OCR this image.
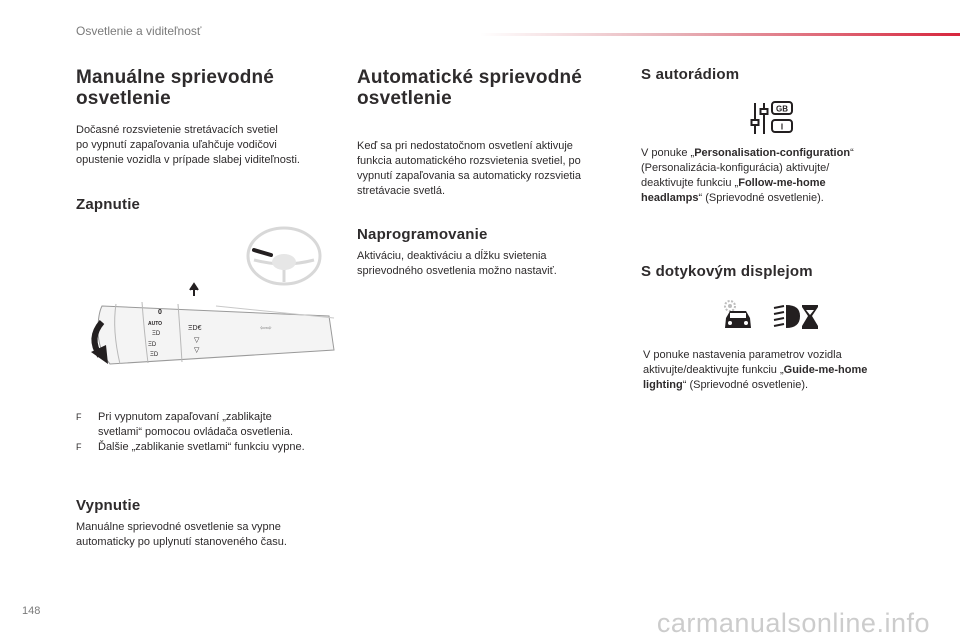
Osvetlenie a viditeľnosť
Manuálne sprievodné
osvetlenie
Dočasné rozsvietenie stretávacích svetiel
po vypnutí zapaľovania uľahčuje vodičovi
opustenie vozidla v prípade slabej viditeľnosti.
Zapnutie
0
AUTO
ΞD
ΞD€
ΞD
ΞD
▽
▽
⇦⇨
F	Pri vypnutom zapaľovaní „zablikajte
svetlami“ pomocou ovládača osvetlenia.
F	Ďalšie „zablikanie svetlami“ funkciu vypne.
Vypnutie
Manuálne sprievodné osvetlenie sa vypne
automaticky po uplynutí stanoveného času.
Automatické sprievodné
osvetlenie
Keď sa pri nedostatočnom osvetlení aktivuje
funkcia automatického rozsvietenia svetiel, po
vypnutí zapaľovania sa automaticky rozsvietia
stretávacie svetlá.
Naprogramovanie
Aktiváciu, deaktiváciu a dĺžku svietenia
sprievodného osvetlenia možno nastaviť.
S autorádiom
GB
I
V ponuke „Personalisation-configuration“
(Personalizácia-konfigurácia) aktivujte/
deaktivujte funkciu „Follow-me-home
headlamps“ (Sprievodné osvetlenie).
S dotykovým displejom
V ponuke nastavenia parametrov vozidla
aktivujte/deaktivujte funkciu „Guide-me-home
lighting“ (Sprievodné osvetlenie).
148	carmanualsonline.info
